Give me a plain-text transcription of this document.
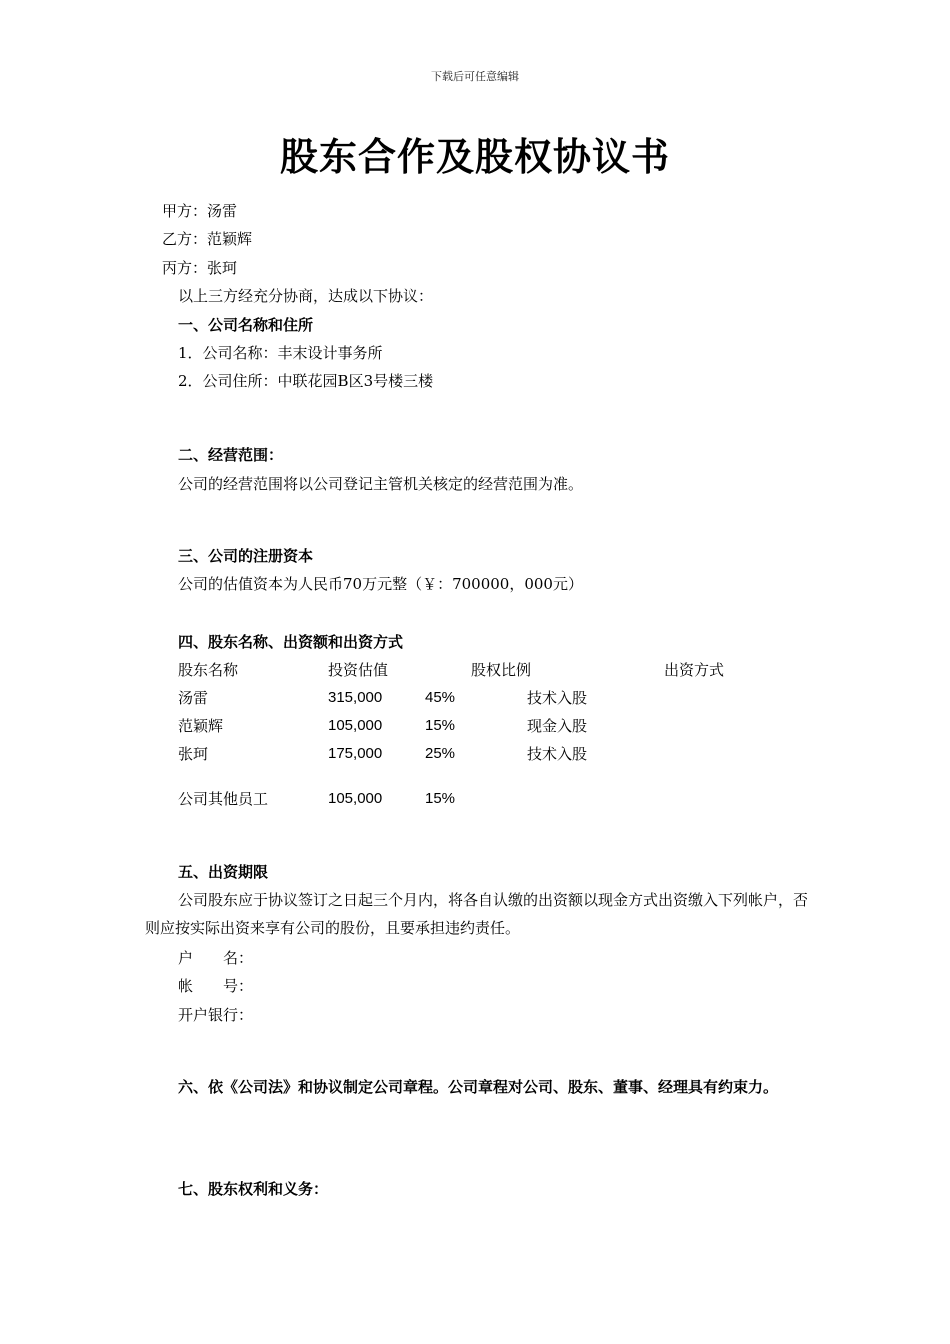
下载后可任意编辑
股东合作及股权协议书
甲方：汤雷
乙方：范颖辉
丙方：张珂
以上三方经充分协商，达成以下协议：
一、公司名称和住所
1．公司名称：丰末设计事务所
2．公司住所：中联花园B区3号楼三楼
二、经营范围：
公司的经营范围将以公司登记主管机关核定的经营范围为准。
三、公司的注册资本
公司的估值资本为人民币70万元整（￥：700000，000元）
四、股东名称、出资额和出资方式
股东名称	投资估值	股权比例	出资方式
汤雷	315,000	45%	技术入股
范颖辉	105,000	15%	现金入股
张珂	175,000	25%	技术入股
公司其他员工	105,000	15%
五、出资期限
公司股东应于协议签订之日起三个月内，将各自认缴的出资额以现金方式出资缴入下列帐户，否则应按实际出资来享有公司的股份，且要承担违约责任。
户　　名：
帐　　号：
开户银行：
六、依《公司法》和协议制定公司章程。公司章程对公司、股东、董事、经理具有约束力。
七、股东权利和义务：
